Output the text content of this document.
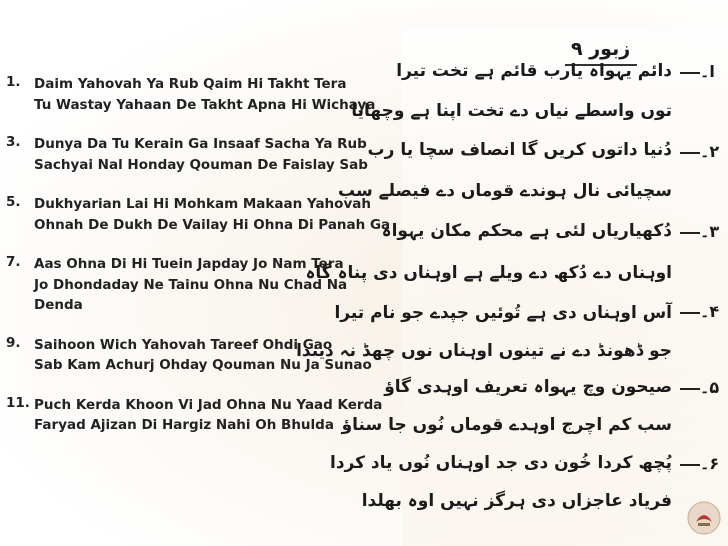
1. Daim Yahovah Ya Rub Qaim Hi Takht Tera
Tu Wastay Yahaan De Takht Apna Hi Wichaya
3. Dunya Da Tu Kerain Ga Insaaf Sacha Ya Rub
Sachyai Nal Honday Qouman De Faislay Sab
5. Dukhyarian Lai Hi Mohkam Makaan Yahovah
Ohnah De Dukh De Vailay Hi Ohna Di Panah Ga
7. Aas Ohna Di Hi Tuein Japday Jo Nam Tera
Jo Dhondaday Ne Tainu Ohna Nu Chad Na
Denda
9. Saihoon Wich Yahovah Tareef Ohdi Gao
Sab Kam Achurj Ohday Qouman Nu Ja Sunao
11. Puch Kerda Khoon Vi Jad Ohna Nu Yaad Kerda
Faryad Ajizan Di Hargiz Nahi Oh Bhulda
زبور ۹
دائم یہواہ یارب قائم ہے تخت تیرا
توں واسطے نیاں دے تخت اپنا ہے وچھایا
دُنیا داتوں کریں گا انصاف سچا یا رب
سچیائی نال ہوندے قوماں دے فیصلے سب
دُکھیاریاں لئی ہے محکم مکان یہواہ
اوہناں دے دُکھ دے ویلے ہے اوہناں دی پناہ گاہ
آس اوہناں دی ہے تُوئیں جپدے جو نام تیرا
جو ڈھونڈ دے نے تینوں اوہناں نوں چھڈ نہ دیندا
صیحون وچ یہواہ تعریف اوہدی گاؤ
سب کم اچرج اوہدے قوماں نُوں جا سناؤ
پُچھ کردا خُون دی جد اوہناں نُوں یاد کردا
فریاد عاجزاں دی ہرگز نہیں اوہ بھلدا
ا۔
۲۔
۳۔
۴۔
۵۔
۶۔
